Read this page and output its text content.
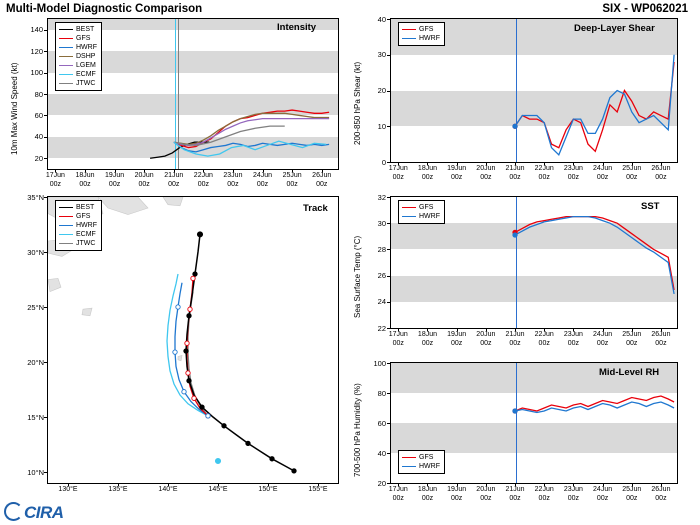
Multi-Model Diagnostic Comparison	SIX - WP062021
Intensity
10m Max Wind Speed (kt)
20
40
60
80
100
120
140
17Jun
00z
18Jun
00z
19Jun
00z
20Jun
00z
21Jun
00z
22Jun
00z
23Jun
00z
24Jun
00z
25Jun
00z
26Jun
00z
BEST
GFS
HWRF
DSHP
LGEM
ECMF
JTWC
Track
10°N
15°N
20°N
25°N
30°N
35°N
130°E	135°E	140°E	145°E	150°E	155°E
BEST
GFS
HWRF
ECMF
JTWC
Deep-Layer Shear
200-850 hPa Shear (kt)
0
10
20
30
40
17Jun
00z
18Jun
00z
19Jun
00z
20Jun
00z
21Jun
00z
22Jun
00z
23Jun
00z
24Jun
00z
25Jun
00z
26Jun
00z
GFS
HWRF
SST
Sea Surface Temp (°C)
22
24
26
28
30
32
17Jun
00z
18Jun
00z
19Jun
00z
20Jun
00z
21Jun
00z
22Jun
00z
23Jun
00z
24Jun
00z
25Jun
00z
26Jun
00z
GFS
HWRF
Mid-Level RH
700-500 hPa Humidity (%)
20
40
60
80
100
17Jun
00z
18Jun
00z
19Jun
00z
20Jun
00z
21Jun
00z
22Jun
00z
23Jun
00z
24Jun
00z
25Jun
00z
26Jun
00z
GFS
HWRF
CIRA
